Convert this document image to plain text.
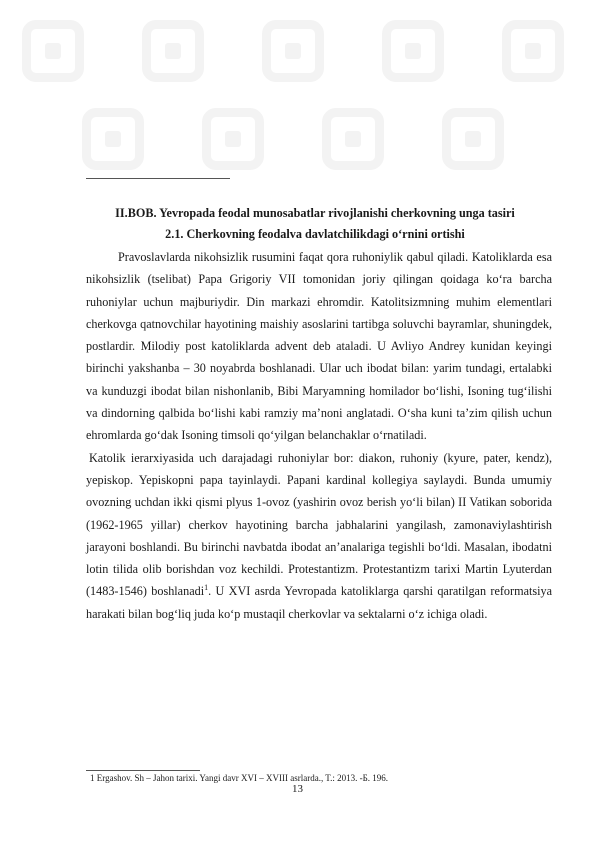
II.BOB. Yevropada feodal munosabatlar rivojlanishi cherkovning unga tasiri
2.1. Cherkovning feodalva davlatchilikdagi o‘rnini ortishi

Pravoslavlarda nikohsizlik rusumini faqat qora ruhoniylik qabul qiladi. Katoliklarda esa nikohsizlik (tselibat) Papa Grigoriy VII tomonidan joriy qilingan qoidaga ko‘ra barcha ruhoniylar uchun majburiydir. Din markazi ehromdir. Katolitsizmning muhim elementlari cherkovga qatnovchilar hayotining maishiy asoslarini tartibga soluvchi bayramlar, shuningdek, postlardir. Milodiy post katoliklarda advent deb ataladi. U Avliyo Andrey kunidan keyingi birinchi yakshanba – 30 noyabrda boshlanadi. Ular uch ibodat bilan: yarim tundagi, ertalabki va kunduzgi ibodat bilan nishonlanib, Bibi Maryamning homilador bo‘lishi, Isoning tug‘ilishi va dindorning qalbida bo‘lishi kabi ramziy ma’noni anglatadi. O‘sha kuni ta’zim qilish uchun ehromlarda go‘dak Isoning timsoli qo‘yilgan belanchaklar o‘rnatiladi.

Katolik ierarxiyasida uch darajadagi ruhoniylar bor: diakon, ruhoniy (kyure, pater, kendz), yepiskop. Yepiskopni papa tayinlaydi. Papani kardinal kollegiya saylaydi. Bunda umumiy ovozning uchdan ikki qismi plyus 1-ovoz (yashirin ovoz berish yo‘li bilan) II Vatikan soborida (1962-1965 yillar) cherkov hayotining barcha jabhalarini yangilash, zamonaviylashtirish jarayoni boshlandi. Bu birinchi navbatda ibodat an’analariga tegishli bo‘ldi. Masalan, ibodatni lotin tilida olib borishdan voz kechildi. Protestantizm. Protestantizm tarixi Martin Lyuterdan (1483-1546) boshlanadi$^1$. U XVI asrda Yevropada katoliklarga qarshi qaratilgan reformatsiya harakati bilan bog‘liq juda ko‘p mustaqil cherkovlar va sektalarni o‘z ichiga oladi.

1 Ergashov. Sh – Jahon tarixi. Yangi davr XVI – XVIII asrlarda., T.: 2013. -Б. 196.
13
